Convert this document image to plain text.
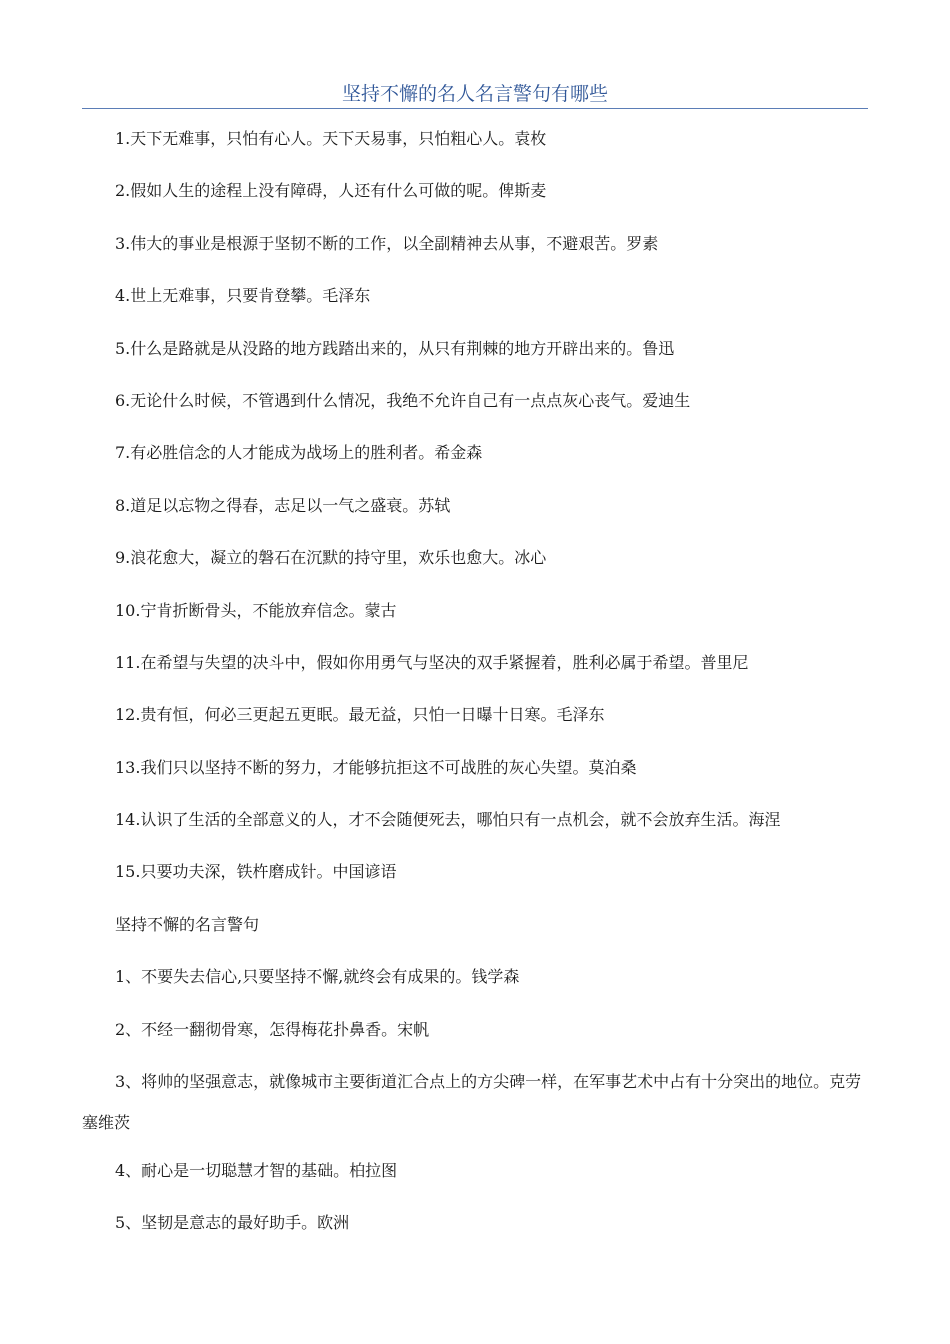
坚持不懈的名人名言警句有哪些

1.天下无难事，只怕有心人。天下天易事，只怕粗心人。袁枚

2.假如人生的途程上没有障碍，人还有什么可做的呢。俾斯麦

3.伟大的事业是根源于坚韧不断的工作，以全副精神去从事，不避艰苦。罗素

4.世上无难事，只要肯登攀。毛泽东

5.什么是路就是从没路的地方践踏出来的，从只有荆棘的地方开辟出来的。鲁迅

6.无论什么时候，不管遇到什么情况，我绝不允许自己有一点点灰心丧气。爱迪生

7.有必胜信念的人才能成为战场上的胜利者。希金森

8.道足以忘物之得春，志足以一气之盛衰。苏轼

9.浪花愈大，凝立的磐石在沉默的持守里，欢乐也愈大。冰心

10.宁肯折断骨头，不能放弃信念。蒙古

11.在希望与失望的决斗中，假如你用勇气与坚决的双手紧握着，胜利必属于希望。普里尼

12.贵有恒，何必三更起五更眠。最无益，只怕一日曝十日寒。毛泽东

13.我们只以坚持不断的努力，才能够抗拒这不可战胜的灰心失望。莫泊桑

14.认识了生活的全部意义的人，才不会随便死去，哪怕只有一点机会，就不会放弃生活。海涅

15.只要功夫深，铁杵磨成针。中国谚语

坚持不懈的名言警句

1、不要失去信心,只要坚持不懈,就终会有成果的。钱学森

2、不经一翻彻骨寒，怎得梅花扑鼻香。宋帆

3、将帅的坚强意志，就像城市主要街道汇合点上的方尖碑一样，在军事艺术中占有十分突出的地位。克劳塞维茨

4、耐心是一切聪慧才智的基础。柏拉图

5、坚韧是意志的最好助手。欧洲
